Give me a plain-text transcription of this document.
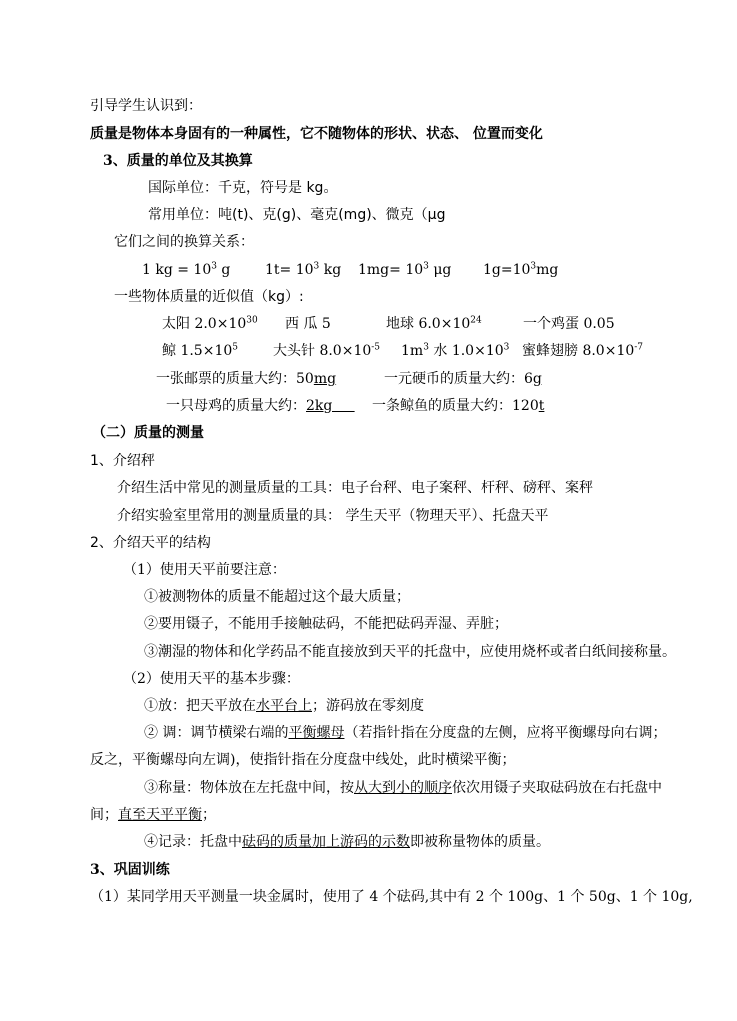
引导学生认识到：
质量是物体本身固有的一种属性，它不随物体的形状、状态、 位置而变化
3、质量的单位及其换算
国际单位：千克，符号是 kg。
常用单位：吨(t)、克(g)、毫克(mg)、微克（μg
它们之间的换算关系：
1 kg = $10^3$ g $1t= 10^3$ kg $1mg= 10^3$ μg $1g=10^3mg$
一些物体质量的近似值（kg）:
太阳 $2.0\times 10^{30}$ 西 瓜 5	地球 $6.0\times 10^{24}$	一个鸡蛋 0.05
鲸 $1.5\times 10^5$	大头针 $8.0\times 10^{-5}$ $1m^3$ 水 $1.0\times 10^3$ 蜜蜂翅膀 $8.0\times 10^{-7}$
一张邮票的质量大约：50mg	一元硬币的质量大约：6g
一只母鸡的质量大约：2kg 一条鲸鱼的质量大约：120t
（二）质量的测量
1、介绍秤
介绍生活中常见的测量质量的工具：电子台秤、电子案秤、杆秤、磅秤、案秤
介绍实验室里常用的测量质量的具： 学生天平（物理天平）、托盘天平
2、介绍天平的结构
（1）使用天平前要注意：
①被测物体的质量不能超过这个最大质量；
②要用镊子，不能用手接触砝码，不能把砝码弄湿、弄脏；
③潮湿的物体和化学药品不能直接放到天平的托盘中，应使用烧杯或者白纸间接称量。
（2）使用天平的基本步骤：
①放：把天平放在水平台上；游码放在零刻度
② 调：调节横梁右端的平衡螺母（若指针指在分度盘的左侧，应将平衡螺母向右调；
反之，平衡螺母向左调)，使指针指在分度盘中线处，此时横梁平衡；
③称量：物体放在左托盘中间，按从大到小的顺序依次用镊子夹取砝码放在右托盘中
间；直至天平平衡；
④记录：托盘中砝码的质量加上游码的示数即被称量物体的质量。
3、巩固训练
（1）某同学用天平测量一块金属时，使用了 4 个砝码,其中有 2 个 100g、1 个 50g、1 个 10g,
